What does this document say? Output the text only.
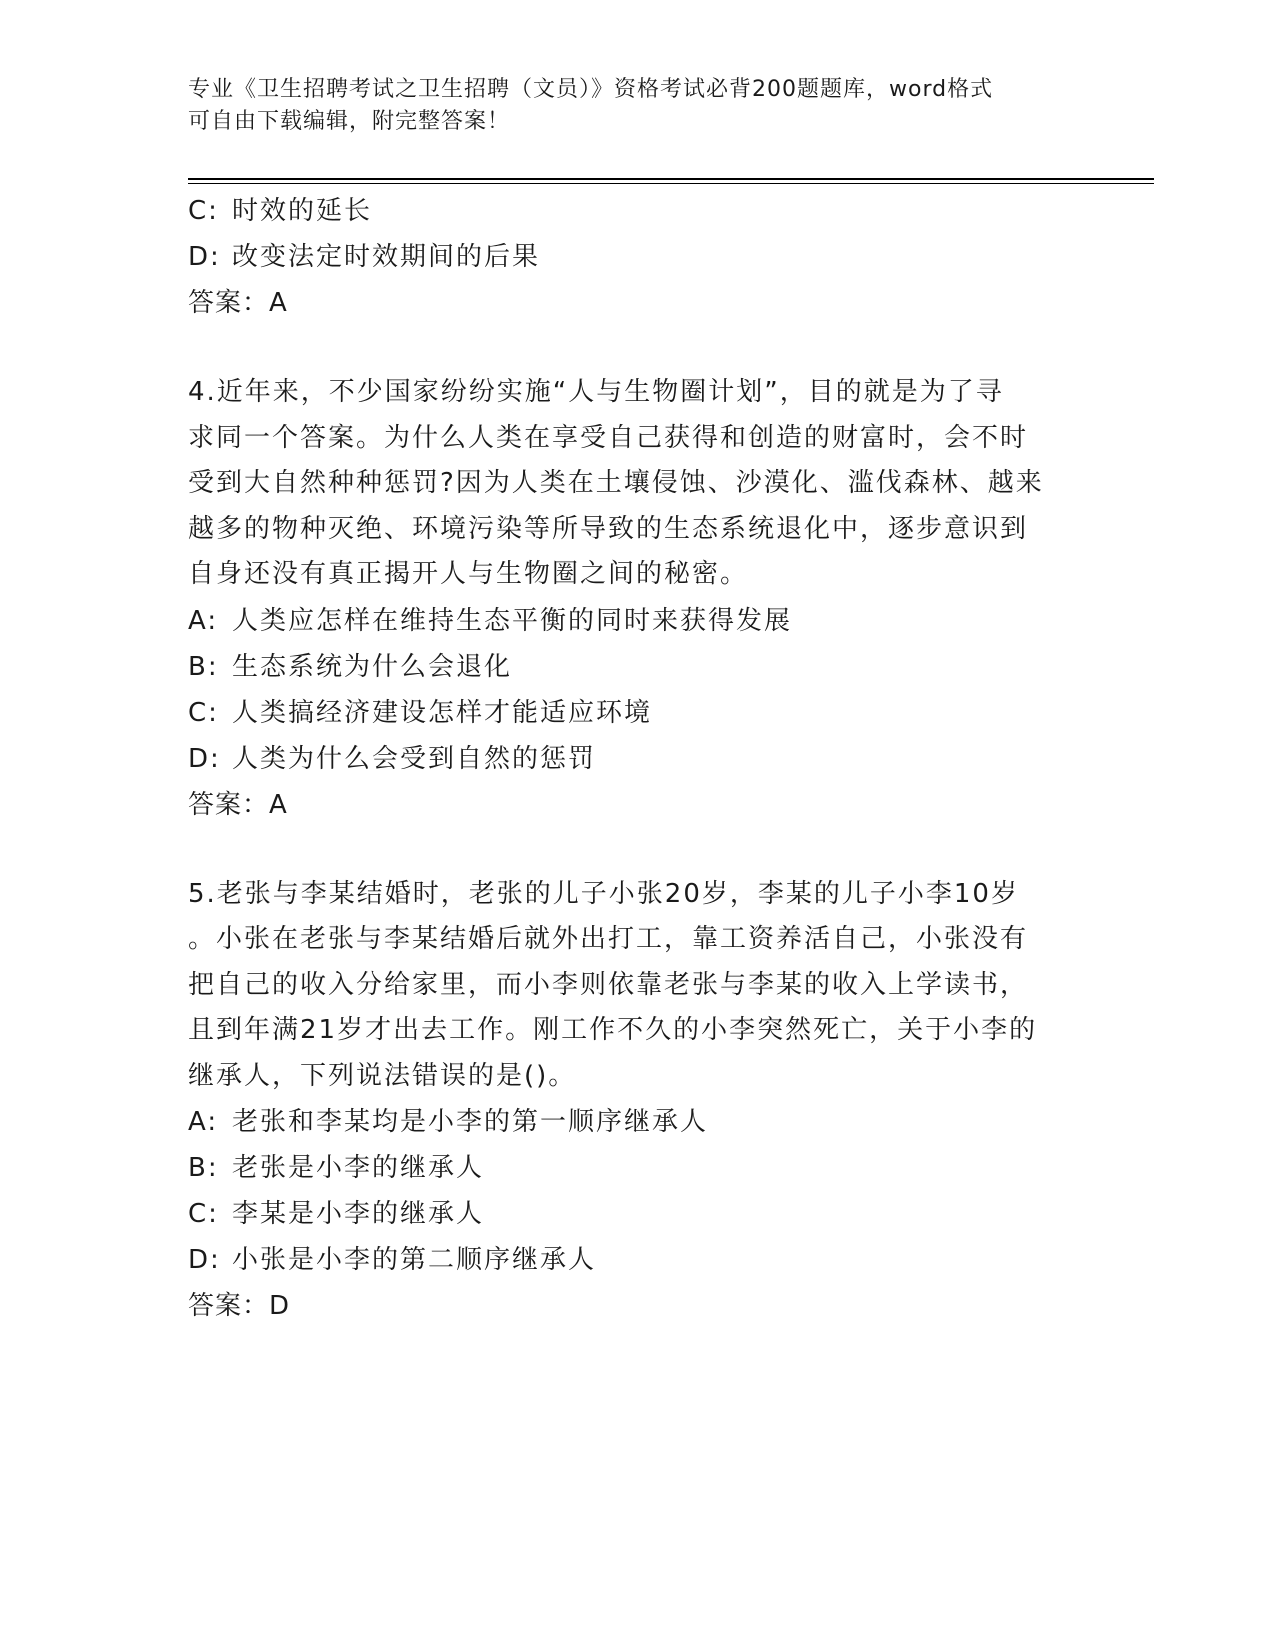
专业《卫生招聘考试之卫生招聘（文员）》资格考试必背200题题库，word格式
可自由下载编辑，附完整答案！
C: 时效的延长
D: 改变法定时效期间的后果
答案：A
4.近年来，不少国家纷纷实施“人与生物圈计划”，目的就是为了寻
求同一个答案。为什么人类在享受自己获得和创造的财富时，会不时
受到大自然种种惩罚?因为人类在土壤侵蚀、沙漠化、滥伐森林、越来
越多的物种灭绝、环境污染等所导致的生态系统退化中，逐步意识到
自身还没有真正揭开人与生物圈之间的秘密。
A: 人类应怎样在维持生态平衡的同时来获得发展
B: 生态系统为什么会退化
C: 人类搞经济建设怎样才能适应环境
D: 人类为什么会受到自然的惩罚
答案：A
5.老张与李某结婚时，老张的儿子小张20岁，李某的儿子小李10岁
。小张在老张与李某结婚后就外出打工，靠工资养活自己，小张没有
把自己的收入分给家里，而小李则依靠老张与李某的收入上学读书，
且到年满21岁才出去工作。刚工作不久的小李突然死亡，关于小李的
继承人，下列说法错误的是()。
A: 老张和李某均是小李的第一顺序继承人
B: 老张是小李的继承人
C: 李某是小李的继承人
D: 小张是小李的第二顺序继承人
答案：D
